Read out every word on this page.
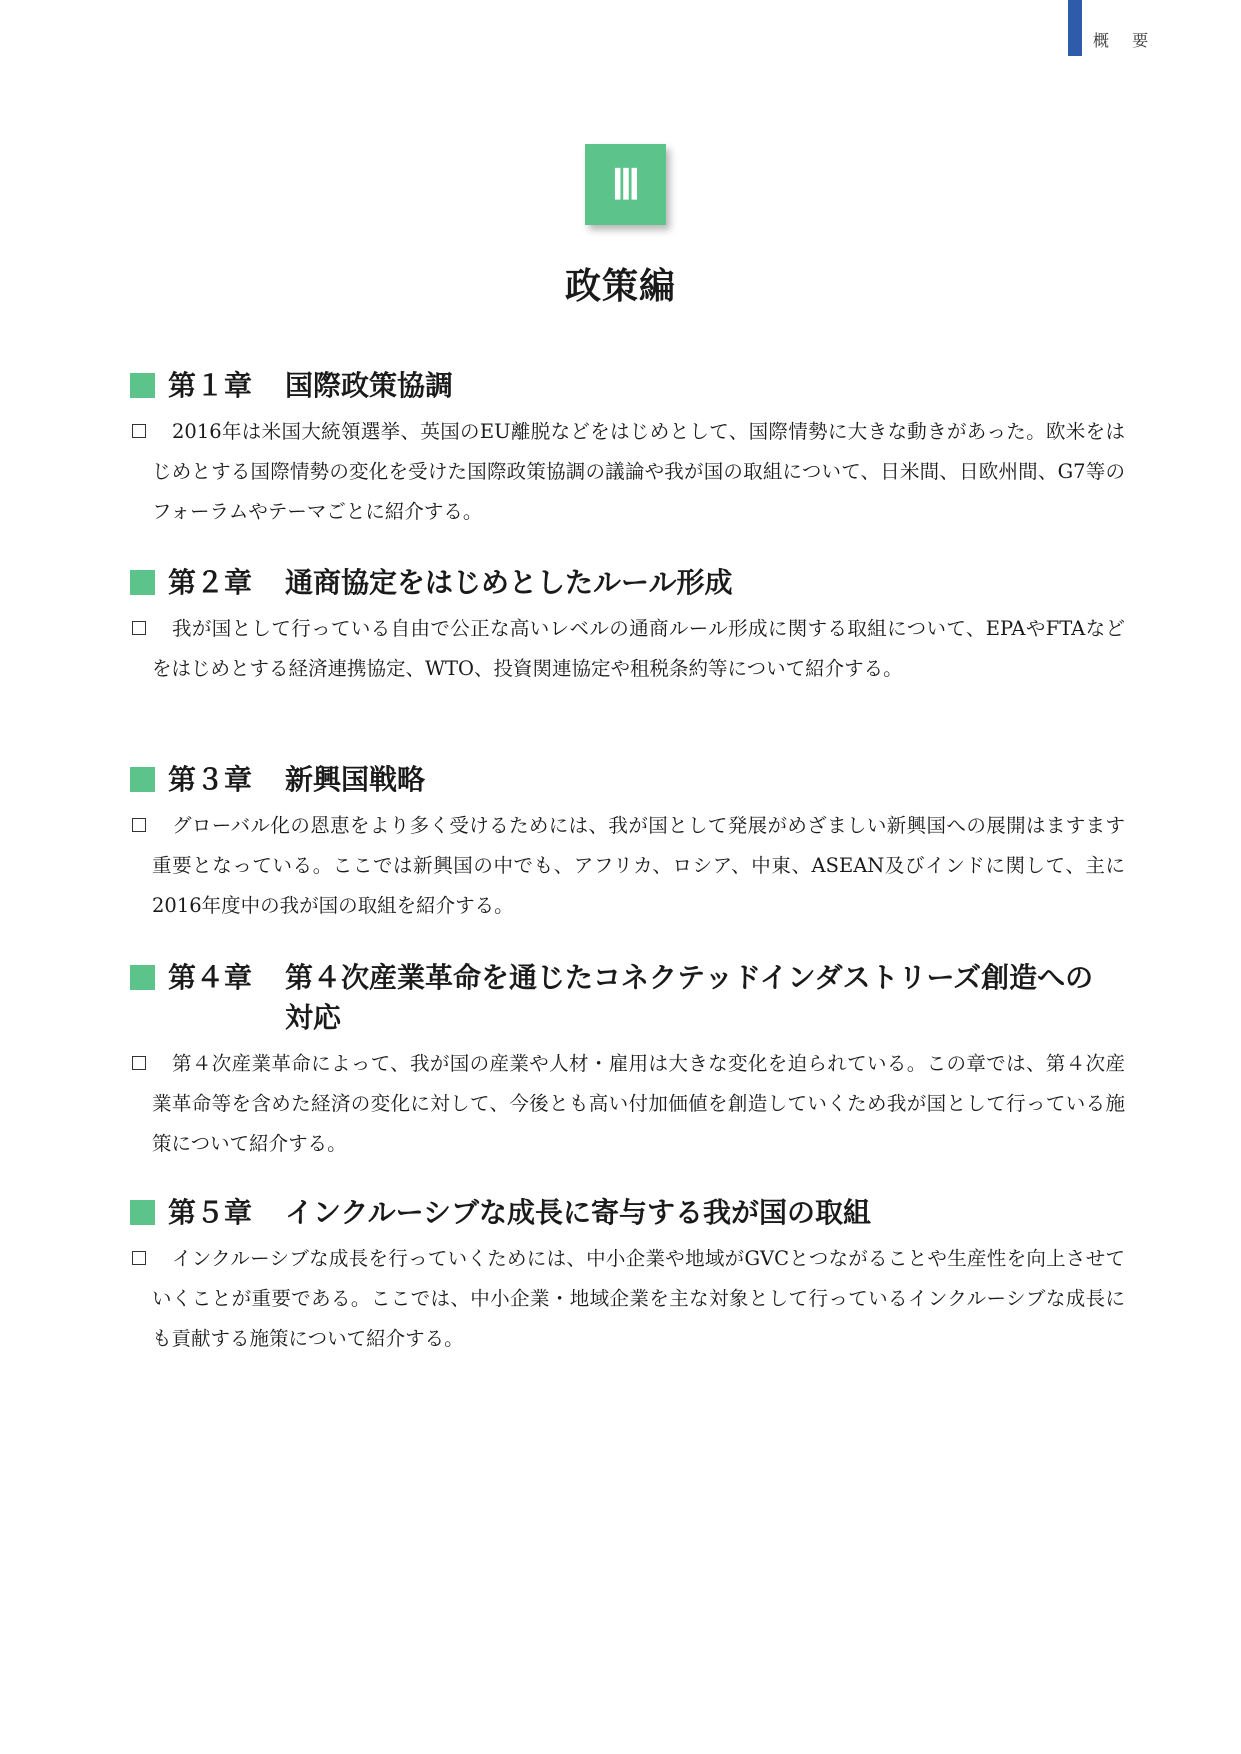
概 要
Ⅲ
政策編
第１章 国際政策協調
2016年は米国大統領選挙、英国のEU離脱などをはじめとして、国際情勢に大きな動きがあった。欧米をはじめとする国際情勢の変化を受けた国際政策協調の議論や我が国の取組について、日米間、日欧州間、G7等のフォーラムやテーマごとに紹介する。
第２章 通商協定をはじめとしたルール形成
我が国として行っている自由で公正な高いレベルの通商ルール形成に関する取組について、EPAやFTAなどをはじめとする経済連携協定、WTO、投資関連協定や租税条約等について紹介する。
第３章 新興国戦略
グローバル化の恩恵をより多く受けるためには、我が国として発展がめざましい新興国への展開はますます重要となっている。ここでは新興国の中でも、アフリカ、ロシア、中東、ASEAN及びインドに関して、主に2016年度中の我が国の取組を紹介する。
第４章 第４次産業革命を通じたコネクテッドインダストリーズ創造への対応
第４次産業革命によって、我が国の産業や人材・雇用は大きな変化を迫られている。この章では、第４次産業革命等を含めた経済の変化に対して、今後とも高い付加価値を創造していくため我が国として行っている施策について紹介する。
第５章 インクルーシブな成長に寄与する我が国の取組
インクルーシブな成長を行っていくためには、中小企業や地域がGVCとつながることや生産性を向上させていくことが重要である。ここでは、中小企業・地域企業を主な対象として行っているインクルーシブな成長にも貢献する施策について紹介する。
